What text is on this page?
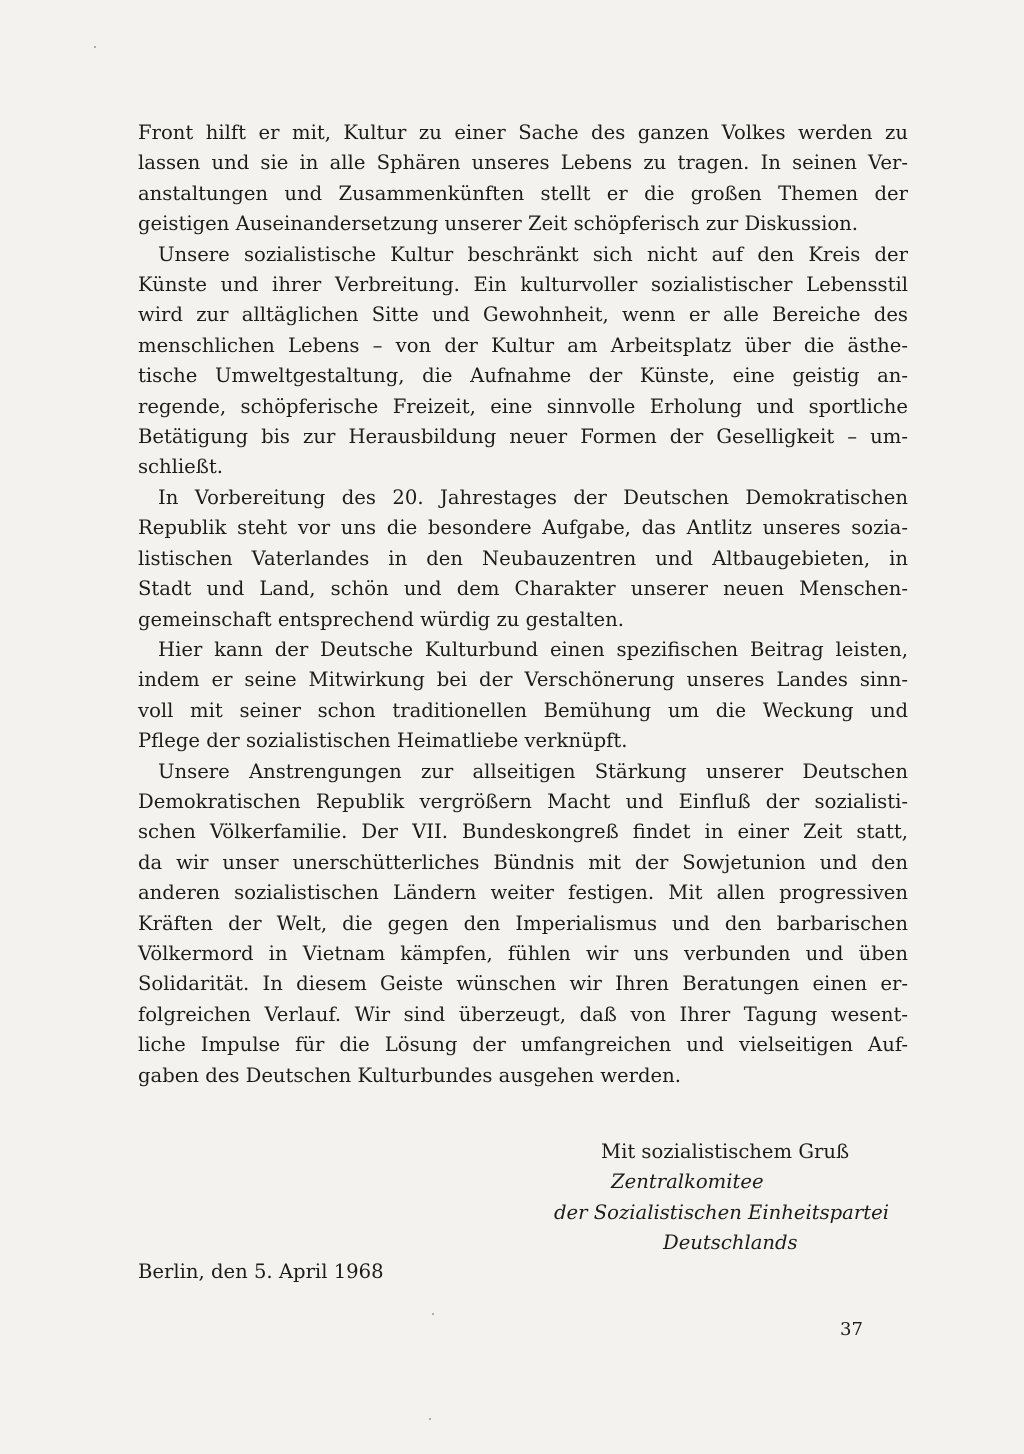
Front hilft er mit, Kultur zu einer Sache des ganzen Volkes werden zu
lassen und sie in alle Sphären unseres Lebens zu tragen. In seinen Ver-
anstaltungen und Zusammenkünften stellt er die großen Themen der
geistigen Auseinandersetzung unserer Zeit schöpferisch zur Diskussion.

Unsere sozialistische Kultur beschränkt sich nicht auf den Kreis der
Künste und ihrer Verbreitung. Ein kulturvoller sozialistischer Lebensstil
wird zur alltäglichen Sitte und Gewohnheit, wenn er alle Bereiche des
menschlichen Lebens – von der Kultur am Arbeitsplatz über die ästhe-
tische Umweltgestaltung, die Aufnahme der Künste, eine geistig an-
regende, schöpferische Freizeit, eine sinnvolle Erholung und sportliche
Betätigung bis zur Herausbildung neuer Formen der Geselligkeit – um-
schließt.

In Vorbereitung des 20. Jahrestages der Deutschen Demokratischen
Republik steht vor uns die besondere Aufgabe, das Antlitz unseres sozia-
listischen Vaterlandes in den Neubauzentren und Altbaugebieten, in
Stadt und Land, schön und dem Charakter unserer neuen Menschen-
gemeinschaft entsprechend würdig zu gestalten.

Hier kann der Deutsche Kulturbund einen spezifischen Beitrag leisten,
indem er seine Mitwirkung bei der Verschönerung unseres Landes sinn-
voll mit seiner schon traditionellen Bemühung um die Weckung und
Pflege der sozialistischen Heimatliebe verknüpft.

Unsere Anstrengungen zur allseitigen Stärkung unserer Deutschen
Demokratischen Republik vergrößern Macht und Einfluß der sozialisti-
schen Völkerfamilie. Der VII. Bundeskongreß findet in einer Zeit statt,
da wir unser unerschütterliches Bündnis mit der Sowjetunion und den
anderen sozialistischen Ländern weiter festigen. Mit allen progressiven
Kräften der Welt, die gegen den Imperialismus und den barbarischen
Völkermord in Vietnam kämpfen, fühlen wir uns verbunden und üben
Solidarität. In diesem Geiste wünschen wir Ihren Beratungen einen er-
folgreichen Verlauf. Wir sind überzeugt, daß von Ihrer Tagung wesent-
liche Impulse für die Lösung der umfangreichen und vielseitigen Auf-
gaben des Deutschen Kulturbundes ausgehen werden.

Mit sozialistischem Gruß
Zentralkomitee
der Sozialistischen Einheitspartei
Deutschlands
Berlin, den 5. April 1968
37
